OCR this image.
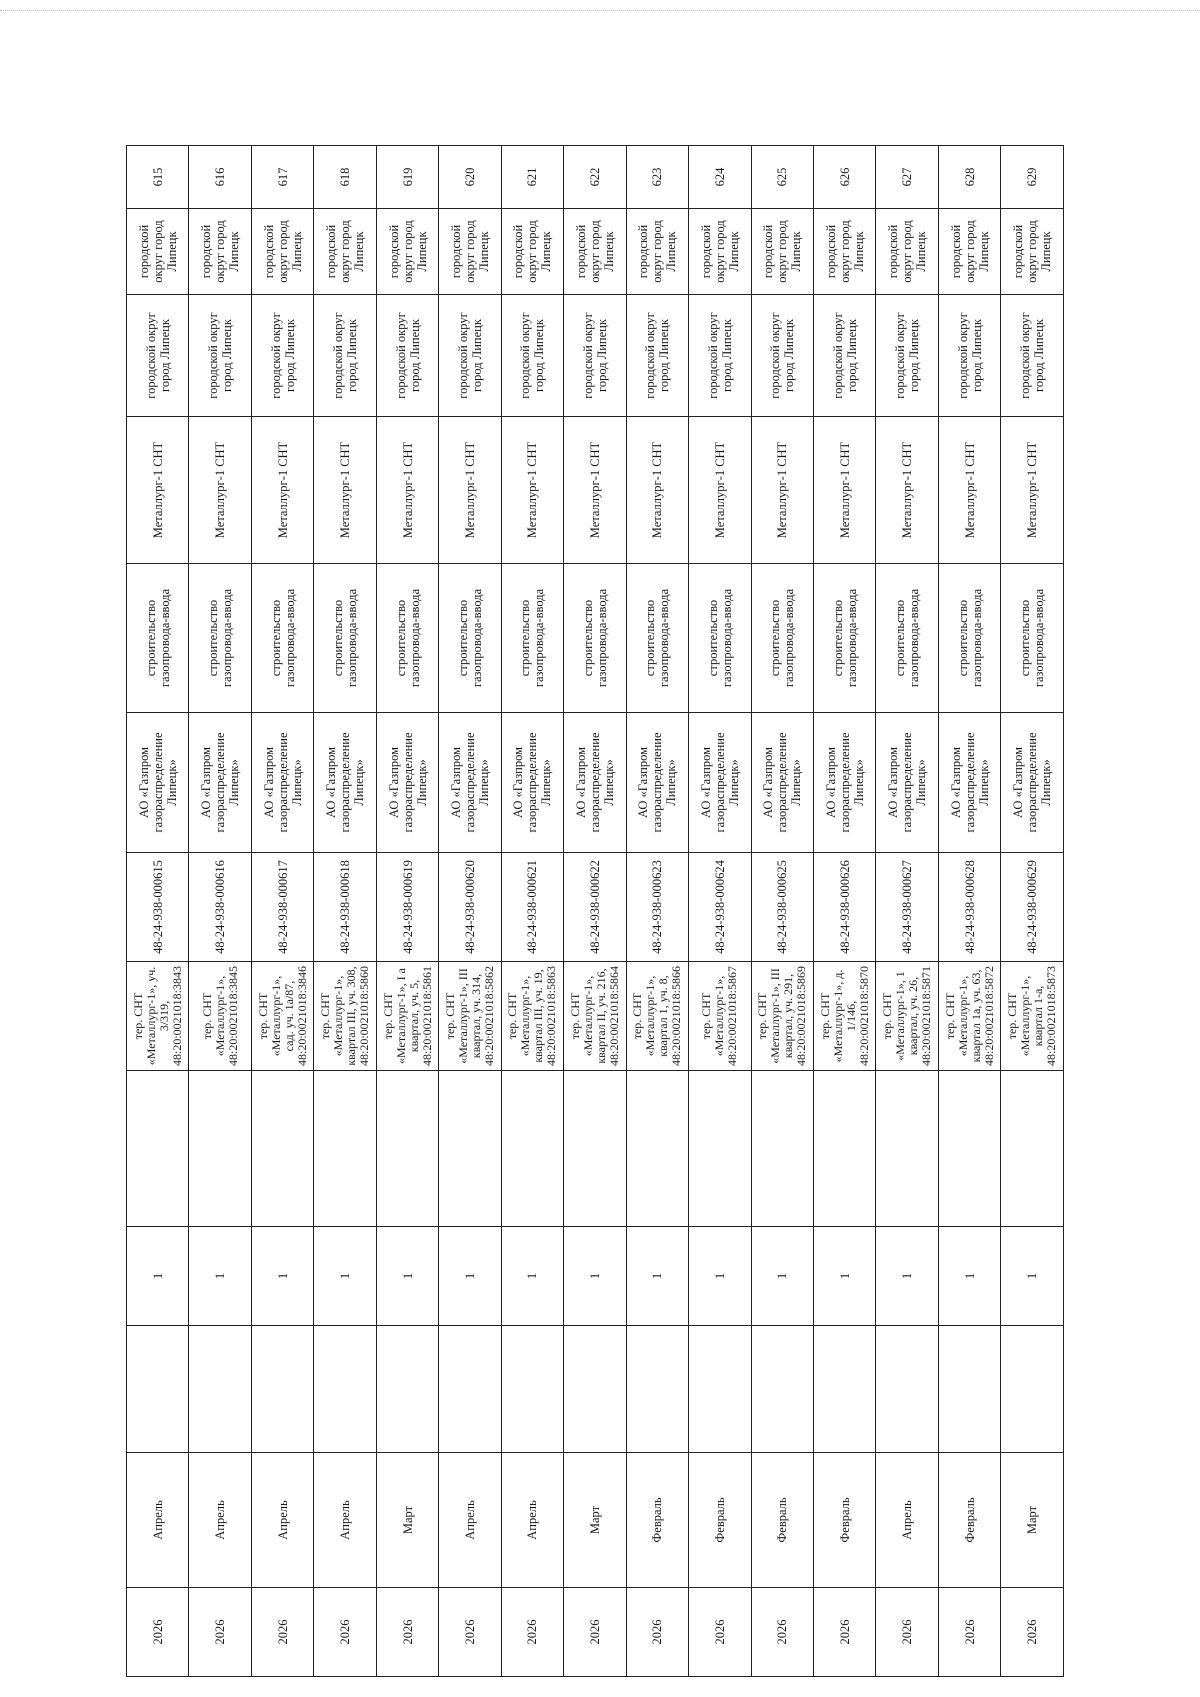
2026	Апрель		1		тер. СНТ «Металлург-1», уч. 3/319, 48:20:0021018:3843	48-24-938-000615	АО «Газпром газораспределение Липецк»	строительство газопровода-ввода	Металлург-1 СНТ	городской округ город Липецк	городской округ город Липецк	615
2026	Апрель		1		тер. СНТ «Металлург-1», 48:20:0021018:3845	48-24-938-000616	АО «Газпром газораспределение Липецк»	строительство газопровода-ввода	Металлург-1 СНТ	городской округ город Липецк	городской округ город Липецк	616
2026	Апрель		1		тер. СНТ «Металлург-1», сад. уч. 1а/87, 48:20:0021018:3846	48-24-938-000617	АО «Газпром газораспределение Липецк»	строительство газопровода-ввода	Металлург-1 СНТ	городской округ город Липецк	городской округ город Липецк	617
2026	Апрель		1		тер. СНТ «Металлург-1», квартал III, уч. 308, 48:20:0021018:5860	48-24-938-000618	АО «Газпром газораспределение Липецк»	строительство газопровода-ввода	Металлург-1 СНТ	городской округ город Липецк	городской округ город Липецк	618
2026	Март		1		тер. СНТ «Металлург-1», I а квартал, уч. 5, 48:20:0021018:5861	48-24-938-000619	АО «Газпром газораспределение Липецк»	строительство газопровода-ввода	Металлург-1 СНТ	городской округ город Липецк	городской округ город Липецк	619
2026	Апрель		1		тер. СНТ «Металлург-1», III квартал, уч. 314, 48:20:0021018:5862	48-24-938-000620	АО «Газпром газораспределение Липецк»	строительство газопровода-ввода	Металлург-1 СНТ	городской округ город Липецк	городской округ город Липецк	620
2026	Апрель		1		тер. СНТ «Металлург-1», квартал III, уч. 19, 48:20:0021018:5863	48-24-938-000621	АО «Газпром газораспределение Липецк»	строительство газопровода-ввода	Металлург-1 СНТ	городской округ город Липецк	городской округ город Липецк	621
2026	Март		1		тер. СНТ «Металлург-1», квартал II, уч. 216, 48:20:0021018:5864	48-24-938-000622	АО «Газпром газораспределение Липецк»	строительство газопровода-ввода	Металлург-1 СНТ	городской округ город Липецк	городской округ город Липецк	622
2026	Февраль		1		тер. СНТ «Металлург-1», квартал 1, уч. 8, 48:20:0021018:5866	48-24-938-000623	АО «Газпром газораспределение Липецк»	строительство газопровода-ввода	Металлург-1 СНТ	городской округ город Липецк	городской округ город Липецк	623
2026	Февраль		1		тер. СНТ «Металлург-1», 48:20:0021018:5867	48-24-938-000624	АО «Газпром газораспределение Липецк»	строительство газопровода-ввода	Металлург-1 СНТ	городской округ город Липецк	городской округ город Липецк	624
2026	Февраль		1		тер. СНТ «Металлург-1», III квартал, уч. 291, 48:20:0021018:5869	48-24-938-000625	АО «Газпром газораспределение Липецк»	строительство газопровода-ввода	Металлург-1 СНТ	городской округ город Липецк	городской округ город Липецк	625
2026	Февраль		1		тер. СНТ «Металлург-1», д. 1/146, 48:20:0021018:5870	48-24-938-000626	АО «Газпром газораспределение Липецк»	строительство газопровода-ввода	Металлург-1 СНТ	городской округ город Липецк	городской округ город Липецк	626
2026	Апрель		1		тер. СНТ «Металлург-1», 1 квартал, уч. 26, 48:20:0021018:5871	48-24-938-000627	АО «Газпром газораспределение Липецк»	строительство газопровода-ввода	Металлург-1 СНТ	городской округ город Липецк	городской округ город Липецк	627
2026	Февраль		1		тер. СНТ «Металлург-1», квартал 1а, уч. 63, 48:20:0021018:5872	48-24-938-000628	АО «Газпром газораспределение Липецк»	строительство газопровода-ввода	Металлург-1 СНТ	городской округ город Липецк	городской округ город Липецк	628
2026	Март		1		тер. СНТ «Металлург-1», квартал 1-а, 48:20:0021018:5873	48-24-938-000629	АО «Газпром газораспределение Липецк»	строительство газопровода-ввода	Металлург-1 СНТ	городской округ город Липецк	городской округ город Липецк	629
